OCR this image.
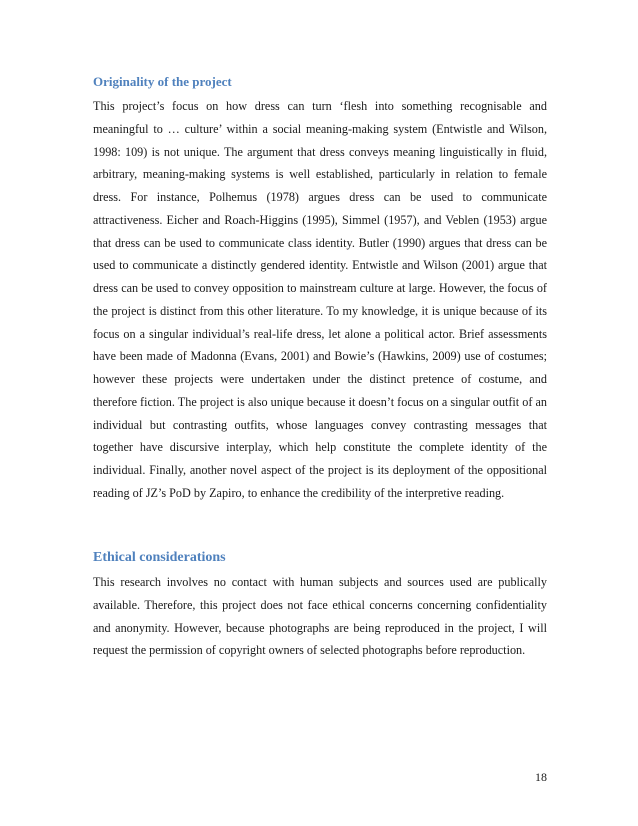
Originality of the project

This project’s focus on how dress can turn ‘flesh into something recognisable and meaningful to … culture’ within a social meaning-making system (Entwistle and Wilson, 1998: 109) is not unique. The argument that dress conveys meaning linguistically in fluid, arbitrary, meaning-making systems is well established, particularly in relation to female dress. For instance, Polhemus (1978) argues dress can be used to communicate attractiveness. Eicher and Roach-Higgins (1995), Simmel (1957), and Veblen (1953) argue that dress can be used to communicate class identity. Butler (1990) argues that dress can be used to communicate a distinctly gendered identity. Entwistle and Wilson (2001) argue that dress can be used to convey opposition to mainstream culture at large. However, the focus of the project is distinct from this other literature. To my knowledge, it is unique because of its focus on a singular individual’s real-life dress, let alone a political actor. Brief assessments have been made of Madonna (Evans, 2001) and Bowie’s (Hawkins, 2009) use of costumes; however these projects were undertaken under the distinct pretence of costume, and therefore fiction. The project is also unique because it doesn’t focus on a singular outfit of an individual but contrasting outfits, whose languages convey contrasting messages that together have discursive interplay, which help constitute the complete identity of the individual. Finally, another novel aspect of the project is its deployment of the oppositional reading of JZ’s PoD by Zapiro, to enhance the credibility of the interpretive reading.

Ethical considerations

This research involves no contact with human subjects and sources used are publically available. Therefore, this project does not face ethical concerns concerning confidentiality and anonymity. However, because photographs are being reproduced in the project, I will request the permission of copyright owners of selected photographs before reproduction.

18
